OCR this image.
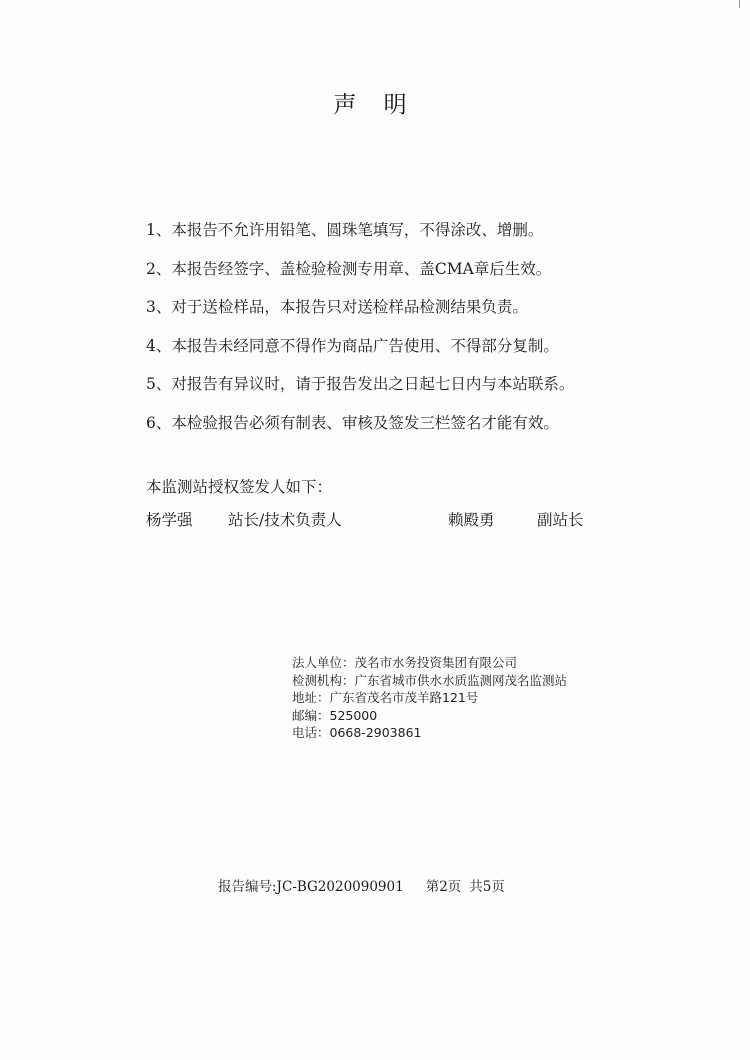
声 明
1、本报告不允许用铅笔、圆珠笔填写，不得涂改、增删。
2、本报告经签字、盖检验检测专用章、盖CMA章后生效。
3、对于送检样品，本报告只对送检样品检测结果负责。
4、本报告未经同意不得作为商品广告使用、不得部分复制。
5、对报告有异议时，请于报告发出之日起七日内与本站联系。
6、本检验报告必须有制表、审核及签发三栏签名才能有效。
本监测站授权签发人如下：
杨学强 站长/技术负责人	赖殿勇	副站长
法人单位：茂名市水务投资集团有限公司
检测机构：广东省城市供水水质监测网茂名监测站
地址：广东省茂名市茂羊路121号
邮编：525000
电话：0668-2903861
报告编号:JC-BG2020090901 第2页 共5页
